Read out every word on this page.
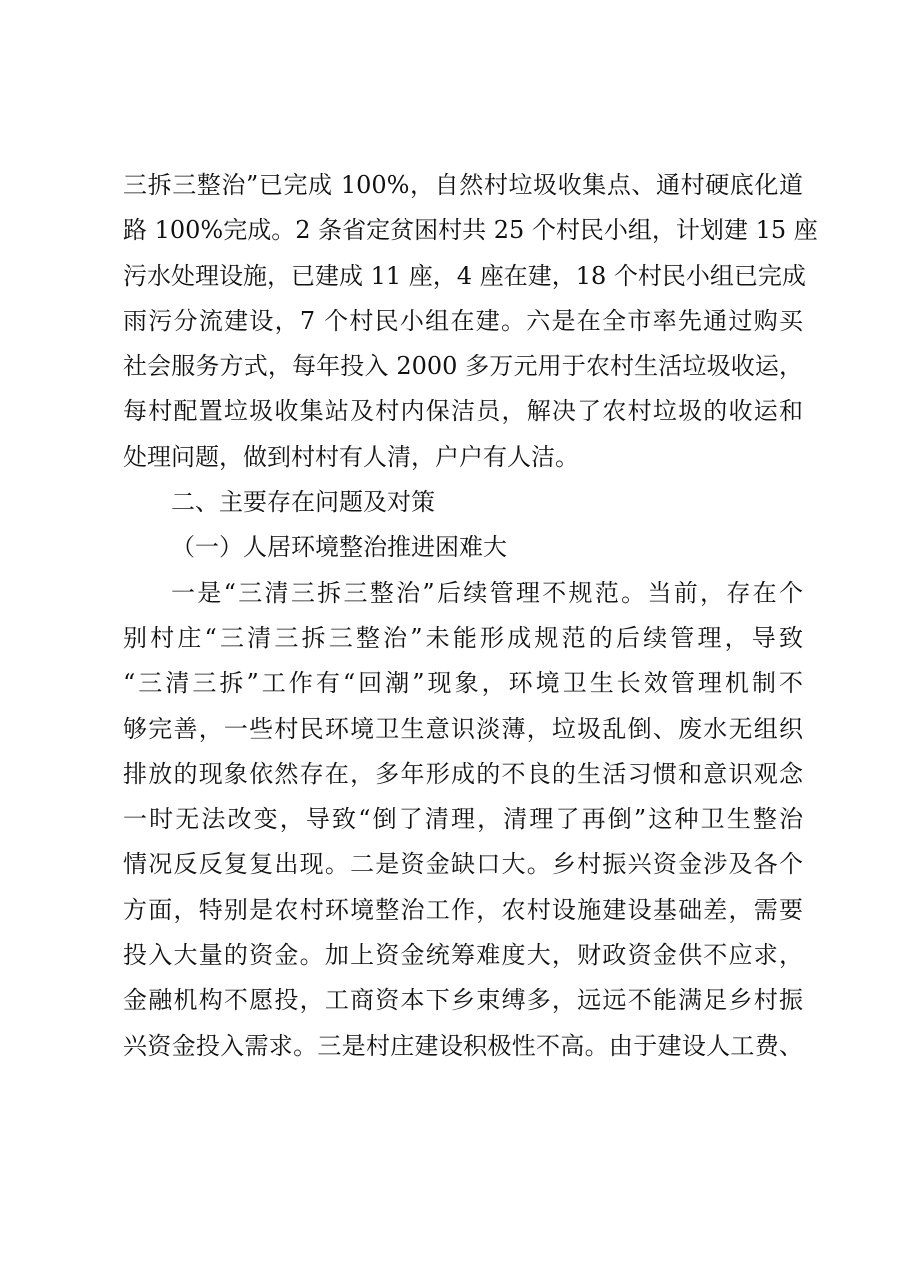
三拆三整治”已完成 100%，自然村垃圾收集点、通村硬底化道
路 100%完成。2 条省定贫困村共 25 个村民小组，计划建 15 座
污水处理设施，已建成 11 座，4 座在建，18 个村民小组已完成
雨污分流建设，7 个村民小组在建。六是在全市率先通过购买
社会服务方式，每年投入 2000 多万元用于农村生活垃圾收运，
每村配置垃圾收集站及村内保洁员，解决了农村垃圾的收运和
处理问题，做到村村有人清，户户有人洁。
二、主要存在问题及对策
（一）人居环境整治推进困难大
一是“三清三拆三整治”后续管理不规范。当前，存在个
别村庄“三清三拆三整治”未能形成规范的后续管理，导致
“三清三拆”工作有“回潮”现象，环境卫生长效管理机制不
够完善，一些村民环境卫生意识淡薄，垃圾乱倒、废水无组织
排放的现象依然存在，多年形成的不良的生活习惯和意识观念
一时无法改变，导致“倒了清理，清理了再倒”这种卫生整治
情况反反复复出现。二是资金缺口大。乡村振兴资金涉及各个
方面，特别是农村环境整治工作，农村设施建设基础差，需要
投入大量的资金。加上资金统筹难度大，财政资金供不应求，
金融机构不愿投，工商资本下乡束缚多，远远不能满足乡村振
兴资金投入需求。三是村庄建设积极性不高。由于建设人工费、
